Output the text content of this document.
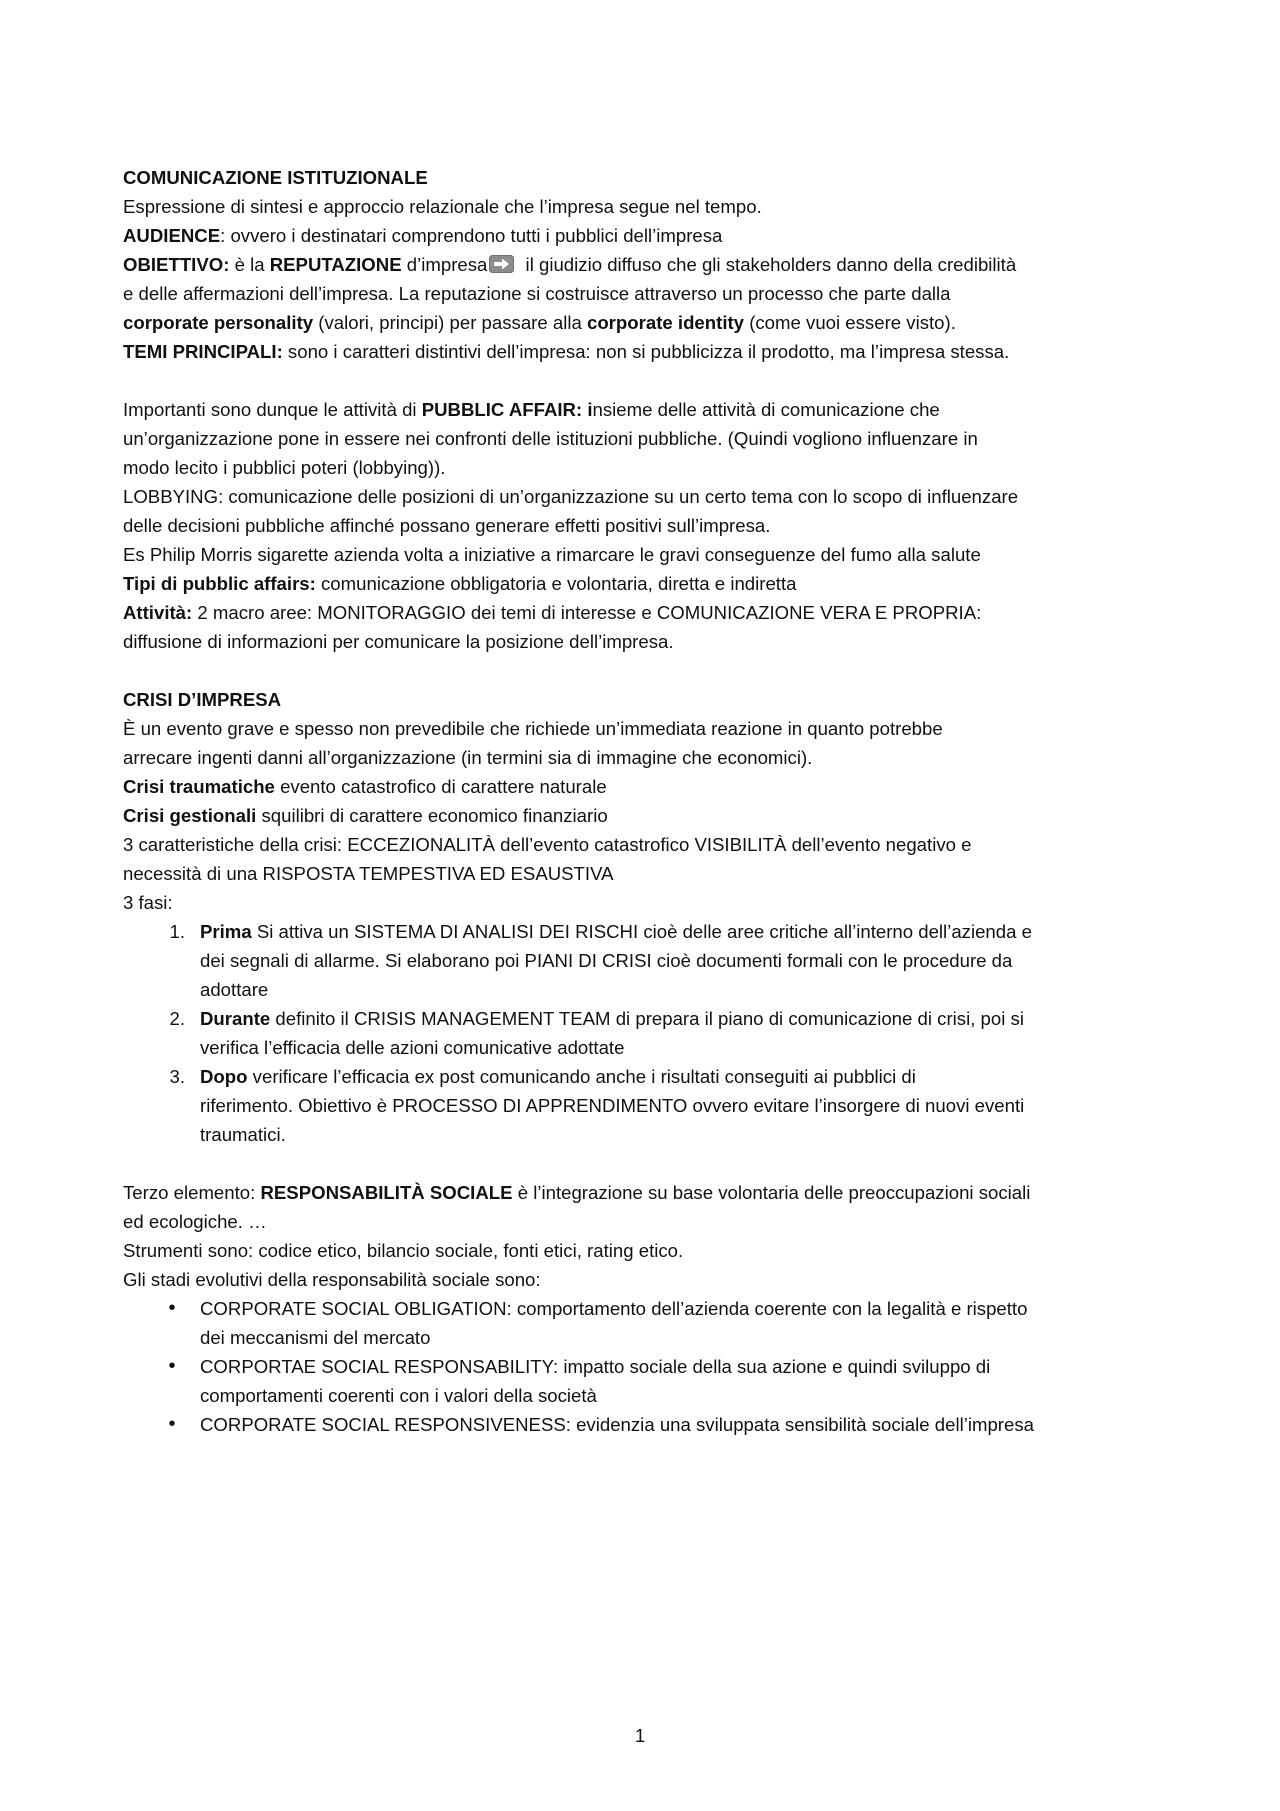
COMUNICAZIONE ISTITUZIONALE

Espressione di sintesi e approccio relazionale che l’impresa segue nel tempo.

AUDIENCE: ovvero i destinatari comprendono tutti i pubblici dell’impresa

OBIETTIVO: è la REPUTAZIONE d’impresa il giudizio diffuso che gli stakeholders danno della credibilità

e delle affermazioni dell’impresa. La reputazione si costruisce attraverso un processo che parte dalla

corporate personality (valori, principi) per passare alla corporate identity (come vuoi essere visto).

TEMI PRINCIPALI: sono i caratteri distintivi dell’impresa: non si pubblicizza il prodotto, ma l’impresa stessa.

Importanti sono dunque le attività di PUBBLIC AFFAIR: insieme delle attività di comunicazione che

un’organizzazione pone in essere nei confronti delle istituzioni pubbliche. (Quindi vogliono influenzare in

modo lecito i pubblici poteri (lobbying)).

LOBBYING: comunicazione delle posizioni di un’organizzazione su un certo tema con lo scopo di influenzare

delle decisioni pubbliche affinché possano generare effetti positivi sull’impresa.

Es Philip Morris sigarette azienda volta a iniziative a rimarcare le gravi conseguenze del fumo alla salute

Tipi di pubblic affairs: comunicazione obbligatoria e volontaria, diretta e indiretta

Attività: 2 macro aree: MONITORAGGIO dei temi di interesse e COMUNICAZIONE VERA E PROPRIA:

diffusione di informazioni per comunicare la posizione dell’impresa.

CRISI D’IMPRESA

È un evento grave e spesso non prevedibile che richiede un’immediata reazione in quanto potrebbe

arrecare ingenti danni all’organizzazione (in termini sia di immagine che economici).

Crisi traumatiche evento catastrofico di carattere naturale

Crisi gestionali squilibri di carattere economico finanziario

3 caratteristiche della crisi: ECCEZIONALITÀ dell’evento catastrofico VISIBILITÀ dell’evento negativo e

necessità di una RISPOSTA TEMPESTIVA ED ESAUSTIVA

3 fasi:

1. Prima Si attiva un SISTEMA DI ANALISI DEI RISCHI cioè delle aree critiche all’interno dell’azienda e
dei segnali di allarme. Si elaborano poi PIANI DI CRISI cioè documenti formali con le procedure da
adottare
2. Durante definito il CRISIS MANAGEMENT TEAM di prepara il piano di comunicazione di crisi, poi si
verifica l’efficacia delle azioni comunicative adottate
3. Dopo verificare l’efficacia ex post comunicando anche i risultati conseguiti ai pubblici di
riferimento. Obiettivo è PROCESSO DI APPRENDIMENTO ovvero evitare l’insorgere di nuovi eventi
traumatici.

Terzo elemento: RESPONSABILITÀ SOCIALE è l’integrazione su base volontaria delle preoccupazioni sociali

ed ecologiche. …

Strumenti sono: codice etico, bilancio sociale, fonti etici, rating etico.

Gli stadi evolutivi della responsabilità sociale sono:

• CORPORATE SOCIAL OBLIGATION: comportamento dell’azienda coerente con la legalità e rispetto
dei meccanismi del mercato
• CORPORTAE SOCIAL RESPONSABILITY: impatto sociale della sua azione e quindi sviluppo di
comportamenti coerenti con i valori della società
• CORPORATE SOCIAL RESPONSIVENESS: evidenzia una sviluppata sensibilità sociale dell’impresa
1
